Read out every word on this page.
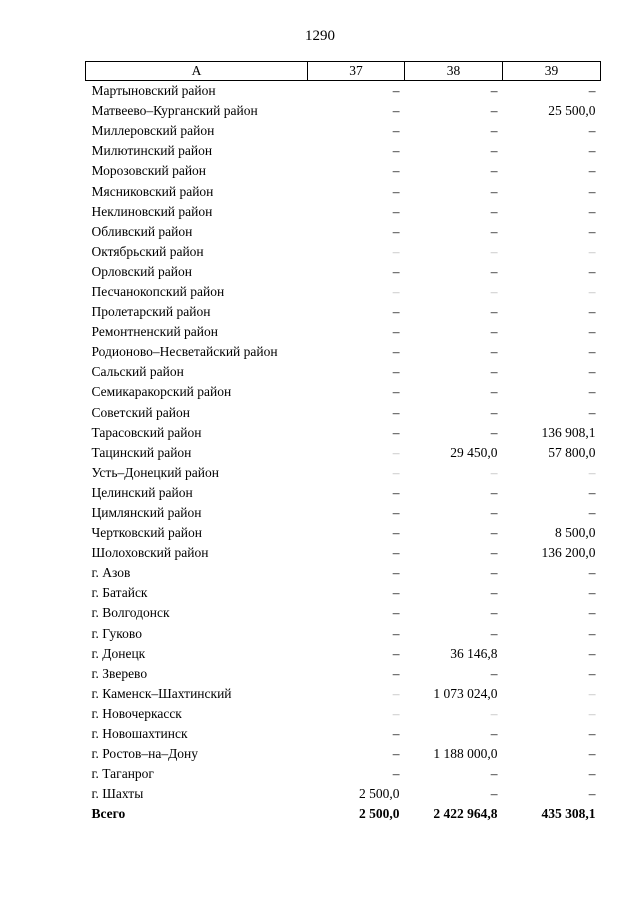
1290
A	37	38	39
Мартыновский район	–	–	–
Матвеево–Курганский район	–	–	25 500,0
Миллеровский район	–	–	–
Милютинский район	–	–	–
Морозовский район	–	–	–
Мясниковский район	–	–	–
Неклиновский район	–	–	–
Обливский район	–	–	–
Октябрьский район	–	–	–
Орловский район	–	–	–
Песчанокопский район	–	–	–
Пролетарский район	–	–	–
Ремонтненский район	–	–	–
Родионово–Несветайский район	–	–	–
Сальский район	–	–	–
Семикаракорский район	–	–	–
Советский район	–	–	–
Тарасовский район	–	–	136 908,1
Тацинский район	–	29 450,0	57 800,0
Усть–Донецкий район	–	–	–
Целинский район	–	–	–
Цимлянский район	–	–	–
Чертковский район	–	–	8 500,0
Шолоховский район	–	–	136 200,0
г. Азов	–	–	–
г. Батайск	–	–	–
г. Волгодонск	–	–	–
г. Гуково	–	–	–
г. Донецк	–	36 146,8	–
г. Зверево	–	–	–
г. Каменск–Шахтинский	–	1 073 024,0	–
г. Новочеркасск	–	–	–
г. Новошахтинск	–	–	–
г. Ростов–на–Дону	–	1 188 000,0	–
г. Таганрог	–	–	–
г. Шахты	2 500,0	–	–
Всего	2 500,0	2 422 964,8	435 308,1
